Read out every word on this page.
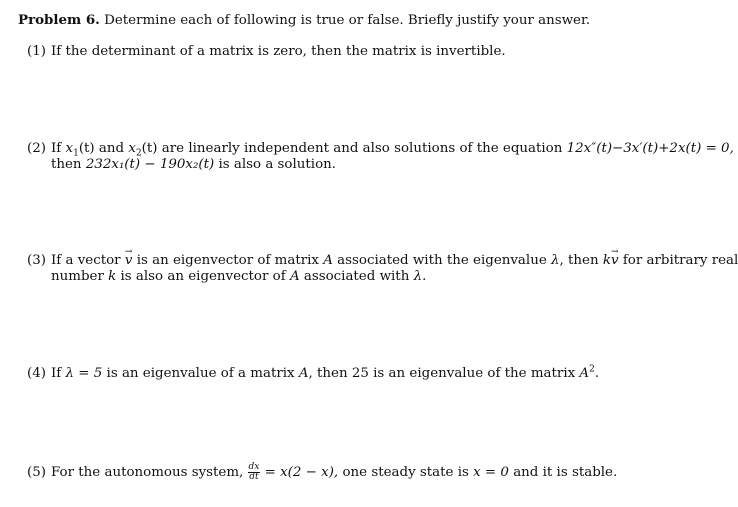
Problem 6. Determine each of following is true or false. Briefly justify your answer.
(1) If the determinant of a matrix is zero, then the matrix is invertible.
(2) If $x_1(t)$ and $x_2(t)$ are linearly independent and also solutions of the equation 12x″(t)−3x′(t)+2x(t) = 0,
then 232x₁(t) − 190x₂(t) is also a solution.
(3) If a vector v → is an eigenvector of matrix A associated with the eigenvalue λ, then kv → for arbitrary real
number k is also an eigenvector of A associated with λ.
(4) If λ = 5 is an eigenvalue of a matrix A, then 25 is an eigenvalue of the matrix $A^2$.
(5) For the autonomous system, $\frac{dx}{dt} = x(2 - x)$, one steady state is x = 0 and it is stable.
